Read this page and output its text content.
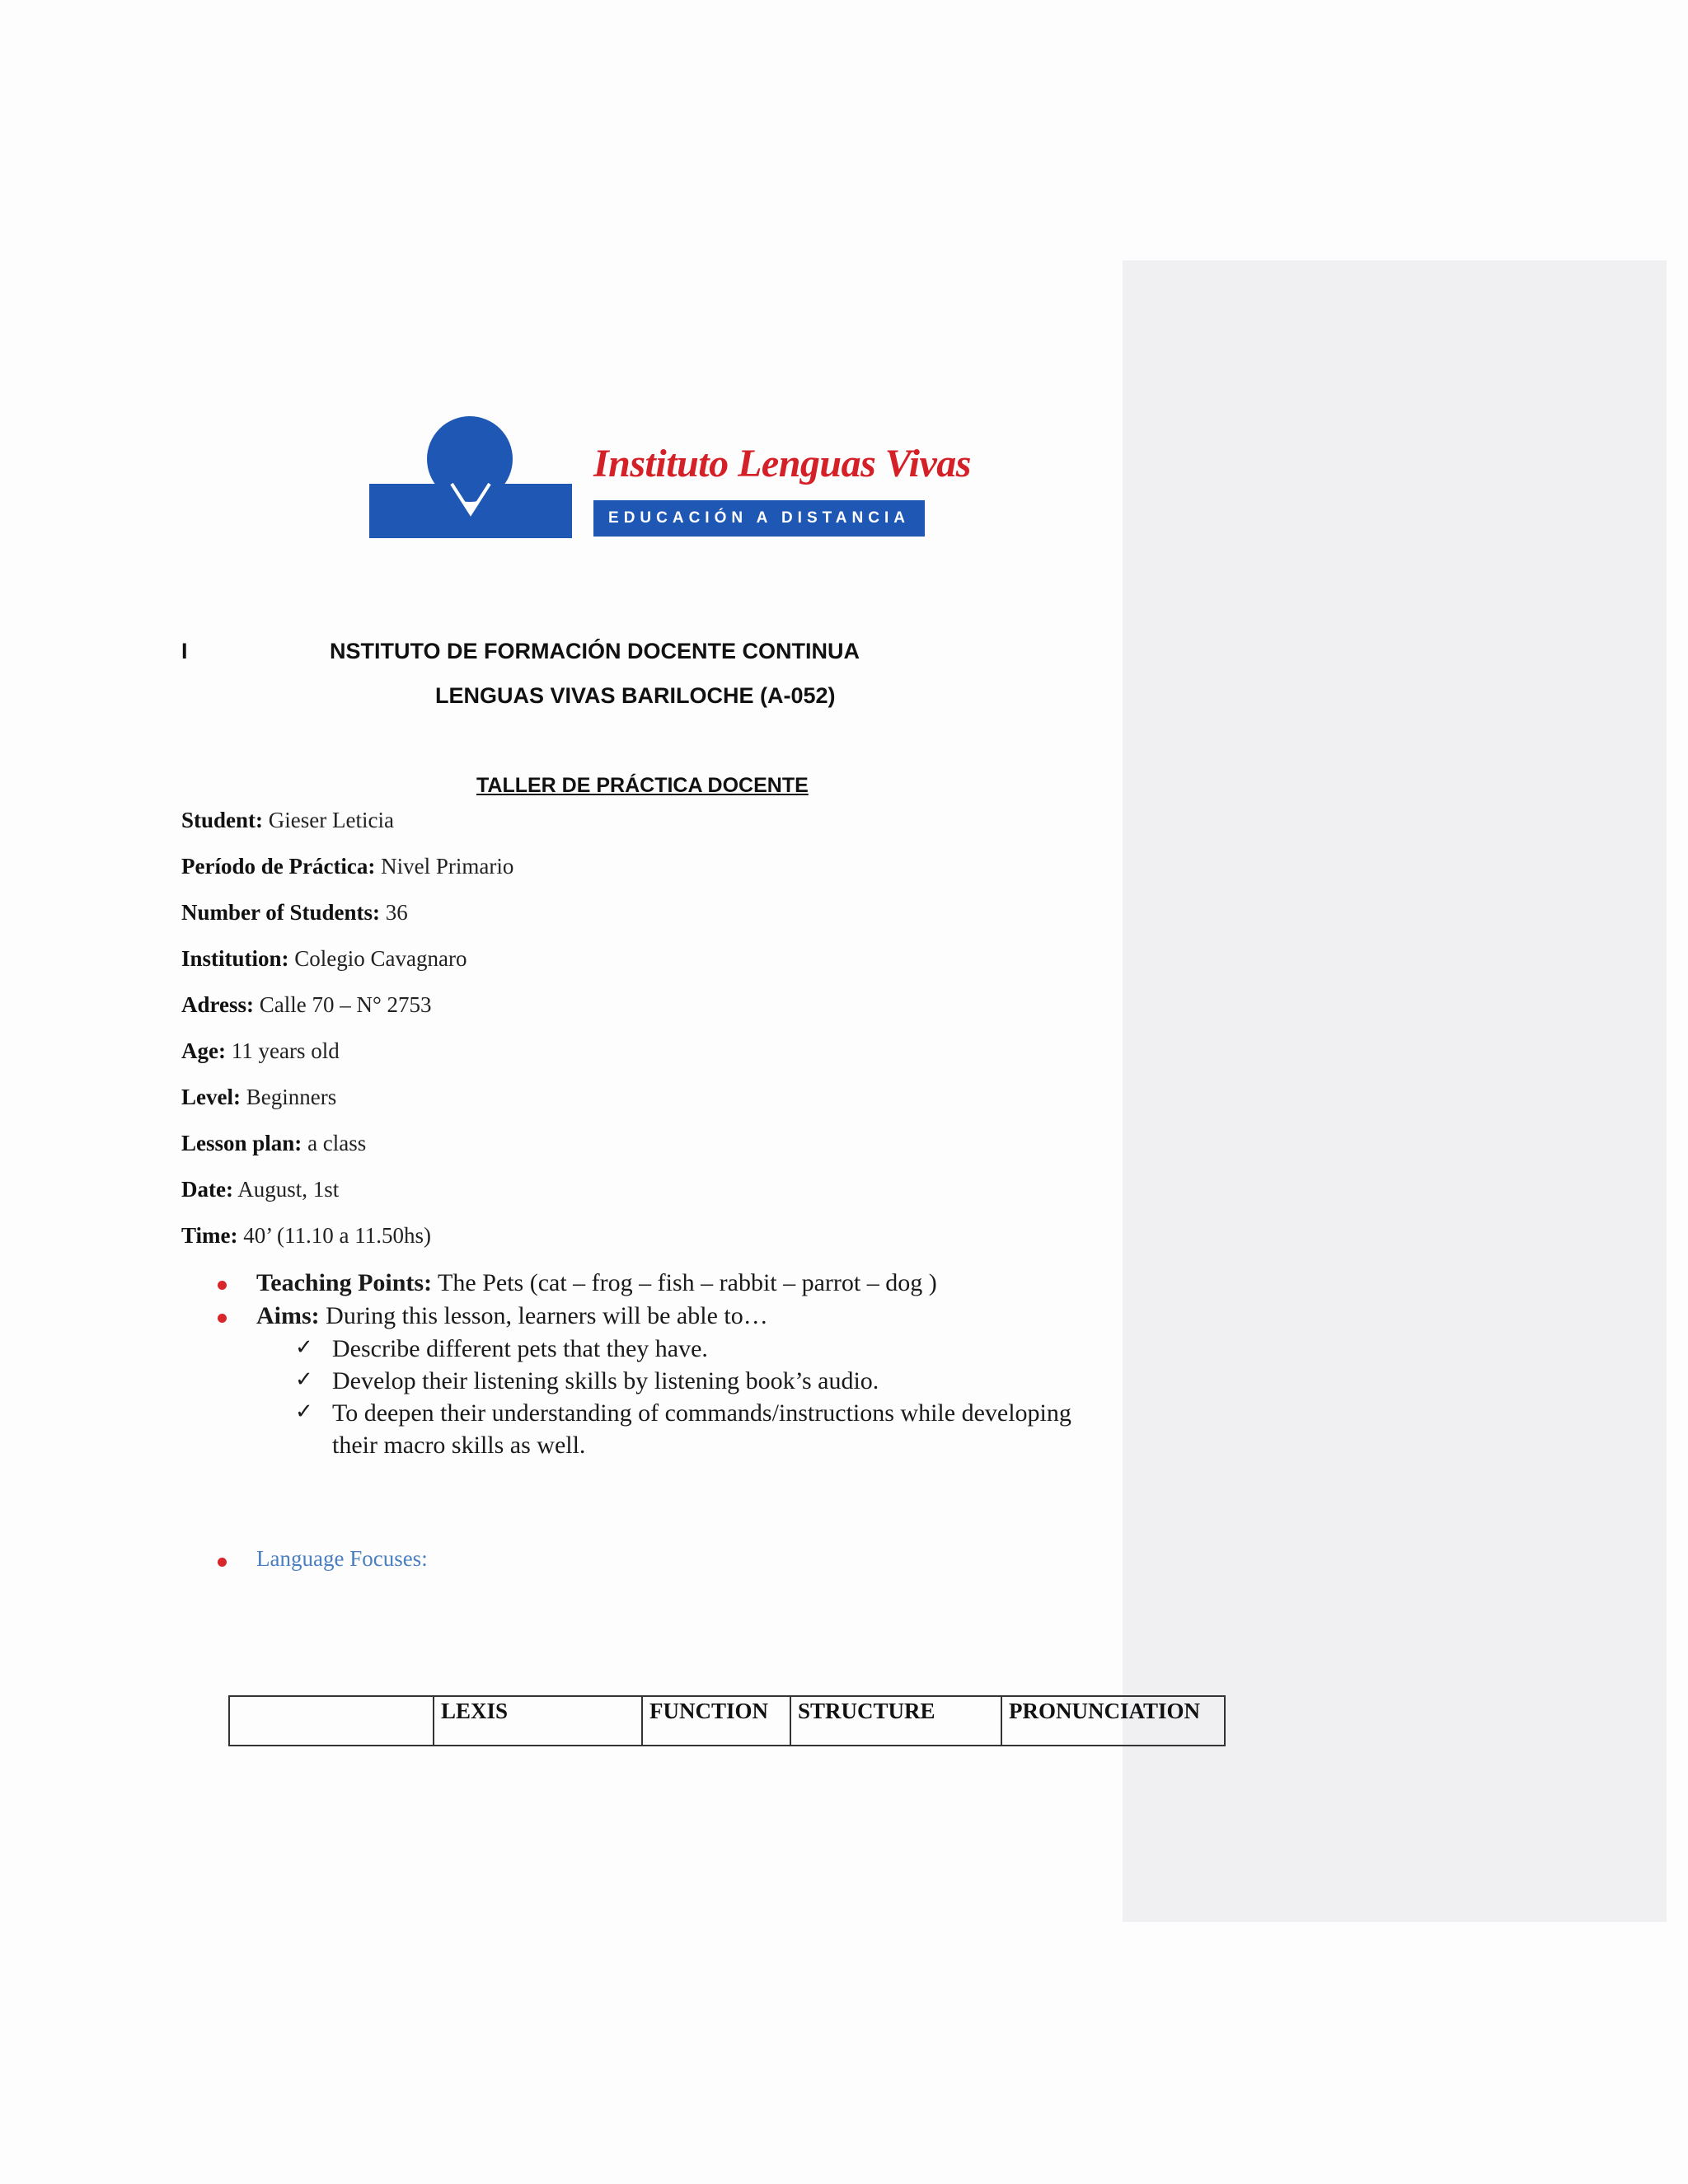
Instituto Lenguas Vivas
EDUCACIÓN A DISTANCIA
I	NSTITUTO DE FORMACIÓN DOCENTE CONTINUA
LENGUAS VIVAS BARILOCHE (A-052)
TALLER DE PRÁCTICA DOCENTE
Student: Gieser Leticia
Período de Práctica: Nivel Primario
Number of Students: 36
Institution: Colegio Cavagnaro
Adress: Calle 70 – N° 2753
Age: 11 years old
Level: Beginners
Lesson plan: a class
Date: August, 1st
Time: 40’ (11.10 a 11.50hs)
Teaching Points: The Pets (cat – frog – fish – rabbit – parrot – dog )
Aims: During this lesson, learners will be able to…
✓ Describe different pets that they have.
✓ Develop their listening skills by listening book’s audio.
✓ To deepen their understanding of commands/instructions while developing
their macro skills as well.
Language Focuses:
	LEXIS	FUNCTION	STRUCTURE	PRONUNCIATION
